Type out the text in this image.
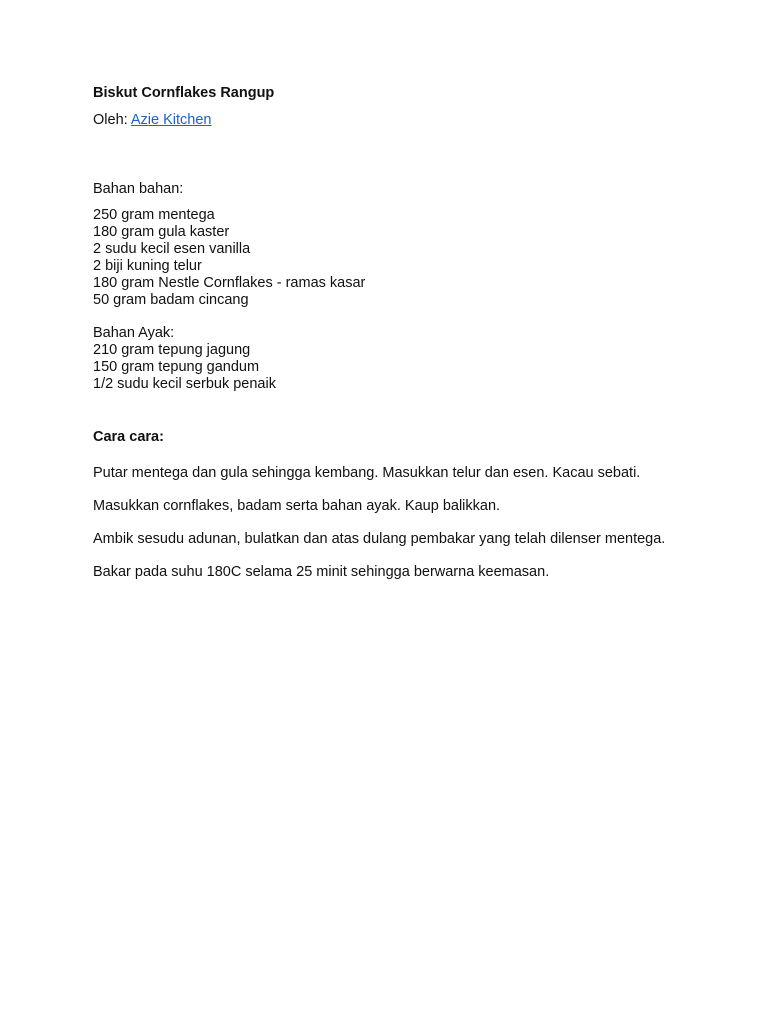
Biskut Cornflakes Rangup
Oleh: Azie Kitchen
Bahan bahan:
250 gram mentega
180 gram gula kaster
2 sudu kecil esen vanilla
2 biji kuning telur
180 gram Nestle Cornflakes - ramas kasar
50 gram badam cincang
Bahan Ayak:
210 gram tepung jagung
150 gram tepung gandum
1/2 sudu kecil serbuk penaik
Cara cara:

Putar mentega dan gula sehingga kembang. Masukkan telur dan esen. Kacau sebati.

Masukkan cornflakes, badam serta bahan ayak. Kaup balikkan.

Ambik sesudu adunan, bulatkan dan atas dulang pembakar yang telah dilenser mentega.

Bakar pada suhu 180C selama 25 minit sehingga berwarna keemasan.
